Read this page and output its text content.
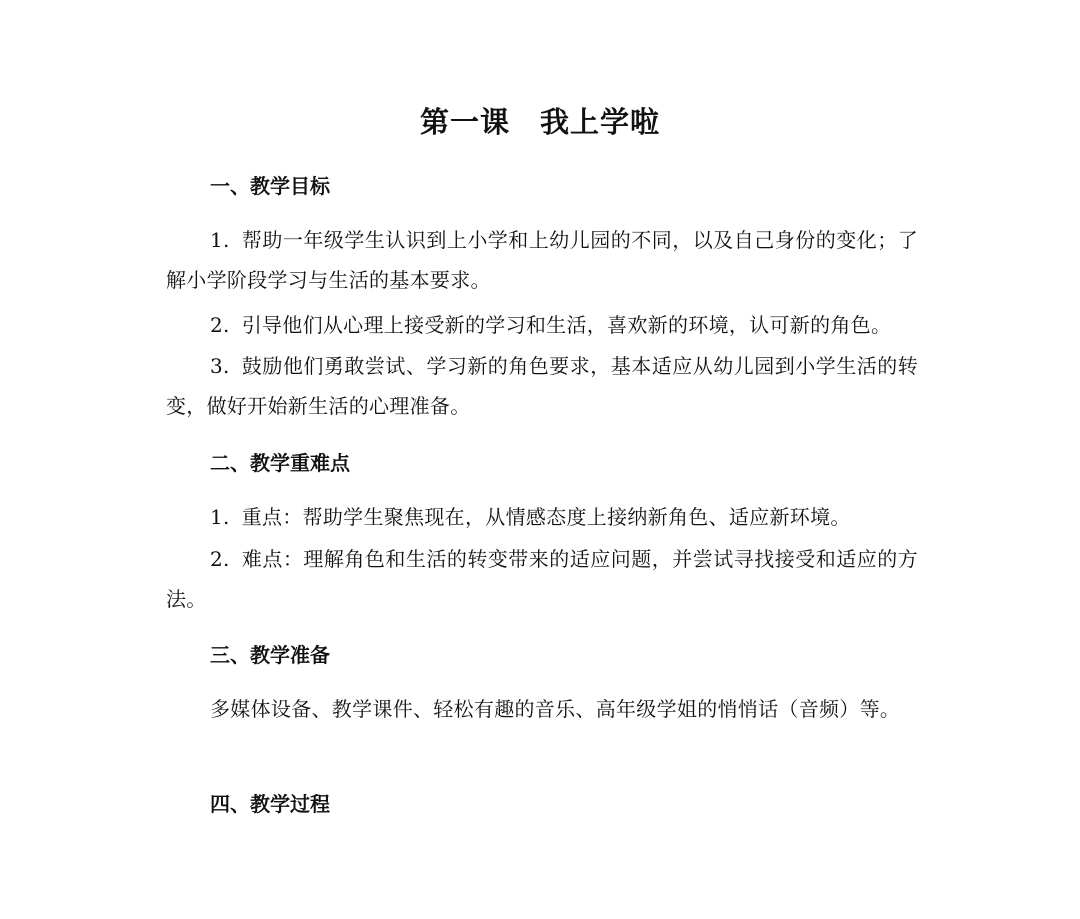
第一课　我上学啦
一、教学目标

1. 帮助一年级学生认识到上小学和上幼儿园的不同，以及自己身份的变化；了解小学阶段学习与生活的基本要求。

2. 引导他们从心理上接受新的学习和生活，喜欢新的环境，认可新的角色。

3. 鼓励他们勇敢尝试、学习新的角色要求，基本适应从幼儿园到小学生活的转变，做好开始新生活的心理准备。

二、教学重难点

1. 重点：帮助学生聚焦现在，从情感态度上接纳新角色、适应新环境。

2. 难点：理解角色和生活的转变带来的适应问题，并尝试寻找接受和适应的方法。

三、教学准备

多媒体设备、教学课件、轻松有趣的音乐、高年级学姐的悄悄话（音频）等。

四、教学过程
